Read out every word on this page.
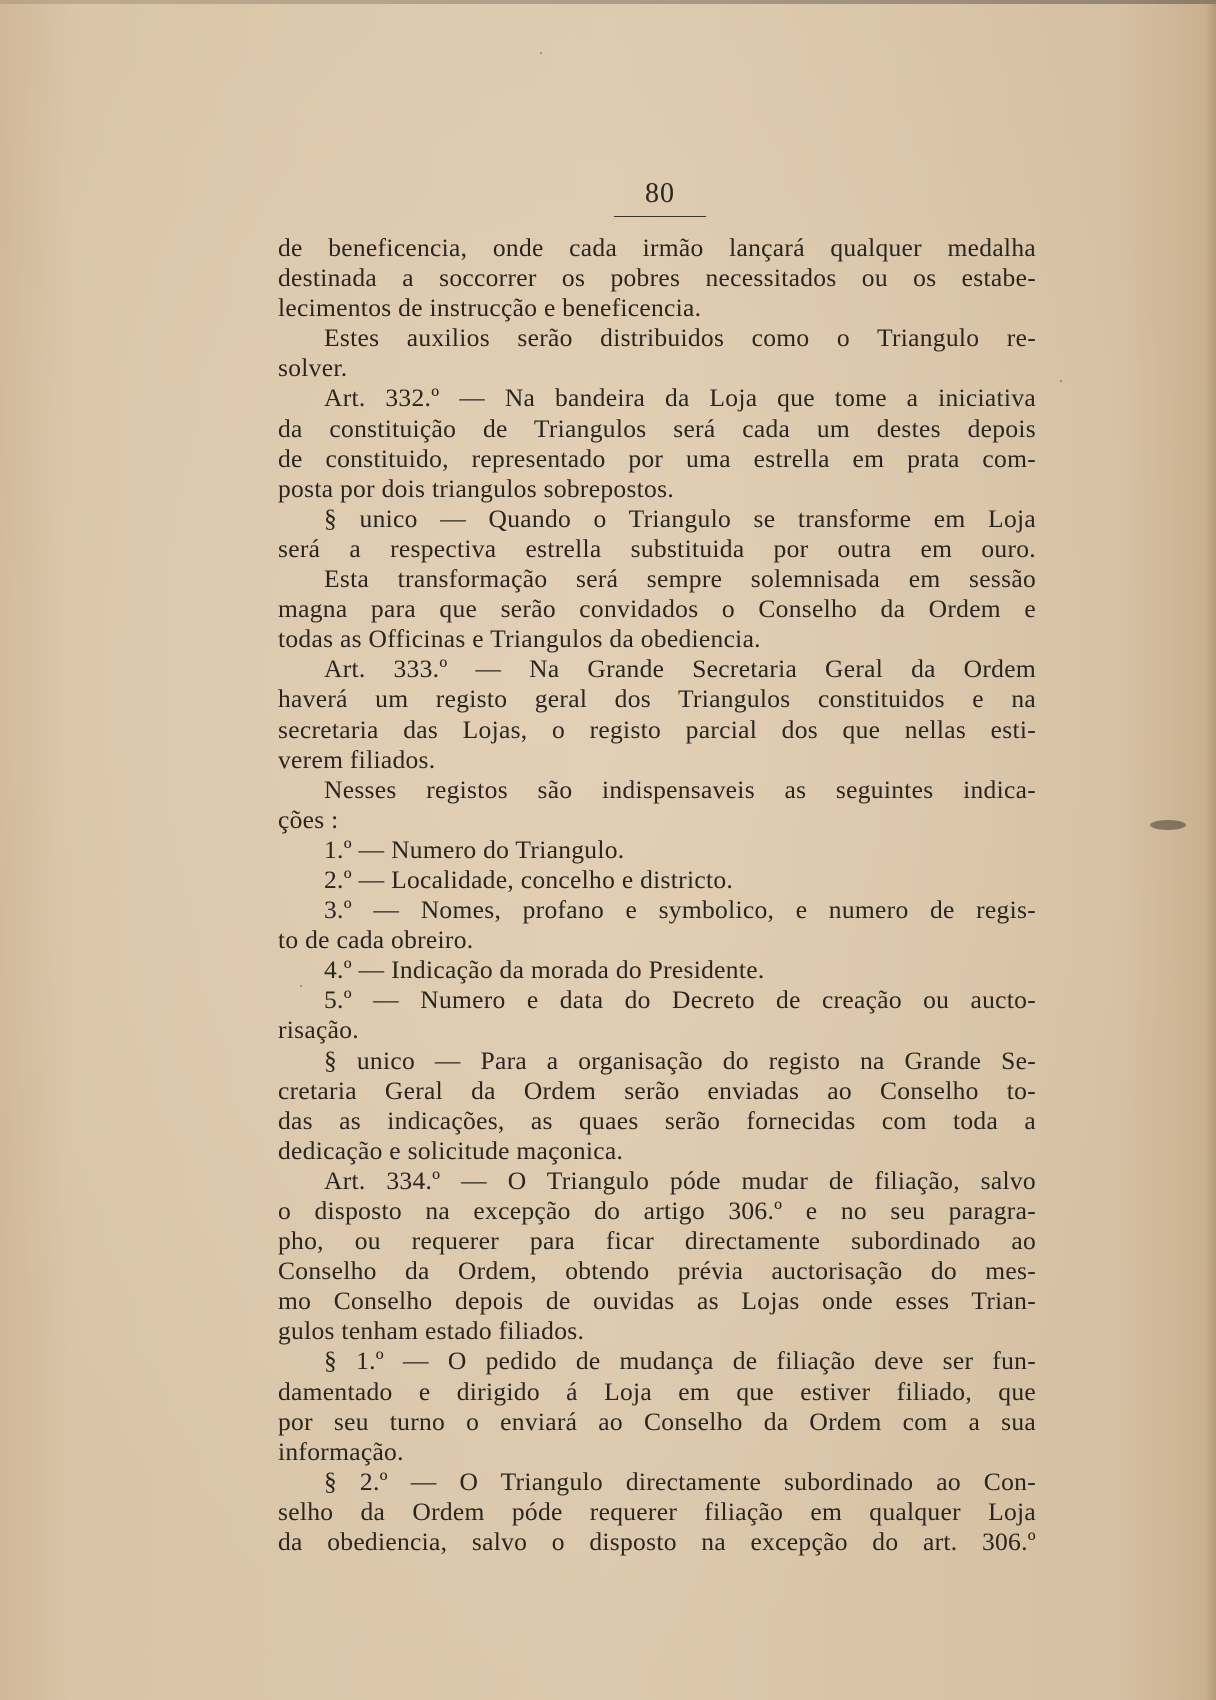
80
de beneficencia, onde cada irmão lançará qualquer medalha
destinada a soccorrer os pobres necessitados ou os estabe-
lecimentos de instrucção e beneficencia.
Estes auxilios serão distribuidos como o Triangulo re-
solver.
Art. 332.º — Na bandeira da Loja que tome a iniciativa
da constituição de Triangulos será cada um destes depois
de constituido, representado por uma estrella em prata com-
posta por dois triangulos sobrepostos.
§ unico — Quando o Triangulo se transforme em Loja
será a respectiva estrella substituida por outra em ouro.
Esta transformação será sempre solemnisada em sessão
magna para que serão convidados o Conselho da Ordem e
todas as Officinas e Triangulos da obediencia.
Art. 333.º — Na Grande Secretaria Geral da Ordem
haverá um registo geral dos Triangulos constituidos e na
secretaria das Lojas, o registo parcial dos que nellas esti-
verem filiados.
Nesses registos são indispensaveis as seguintes indica-
ções :
1.º — Numero do Triangulo.
2.º — Localidade, concelho e districto.
3.º — Nomes, profano e symbolico, e numero de regis-
to de cada obreiro.
4.º — Indicação da morada do Presidente.
5.º — Numero e data do Decreto de creação ou aucto-
risação.
§ unico — Para a organisação do registo na Grande Se-
cretaria Geral da Ordem serão enviadas ao Conselho to-
das as indicações, as quaes serão fornecidas com toda a
dedicação e solicitude maçonica.
Art. 334.º — O Triangulo póde mudar de filiação, salvo
o disposto na excepção do artigo 306.º e no seu paragra-
pho, ou requerer para ficar directamente subordinado ao
Conselho da Ordem, obtendo prévia auctorisação do mes-
mo Conselho depois de ouvidas as Lojas onde esses Trian-
gulos tenham estado filiados.
§ 1.º — O pedido de mudança de filiação deve ser fun-
damentado e dirigido á Loja em que estiver filiado, que
por seu turno o enviará ao Conselho da Ordem com a sua
informação.
§ 2.º — O Triangulo directamente subordinado ao Con-
selho da Ordem póde requerer filiação em qualquer Loja
da obediencia, salvo o disposto na excepção do art. 306.º
